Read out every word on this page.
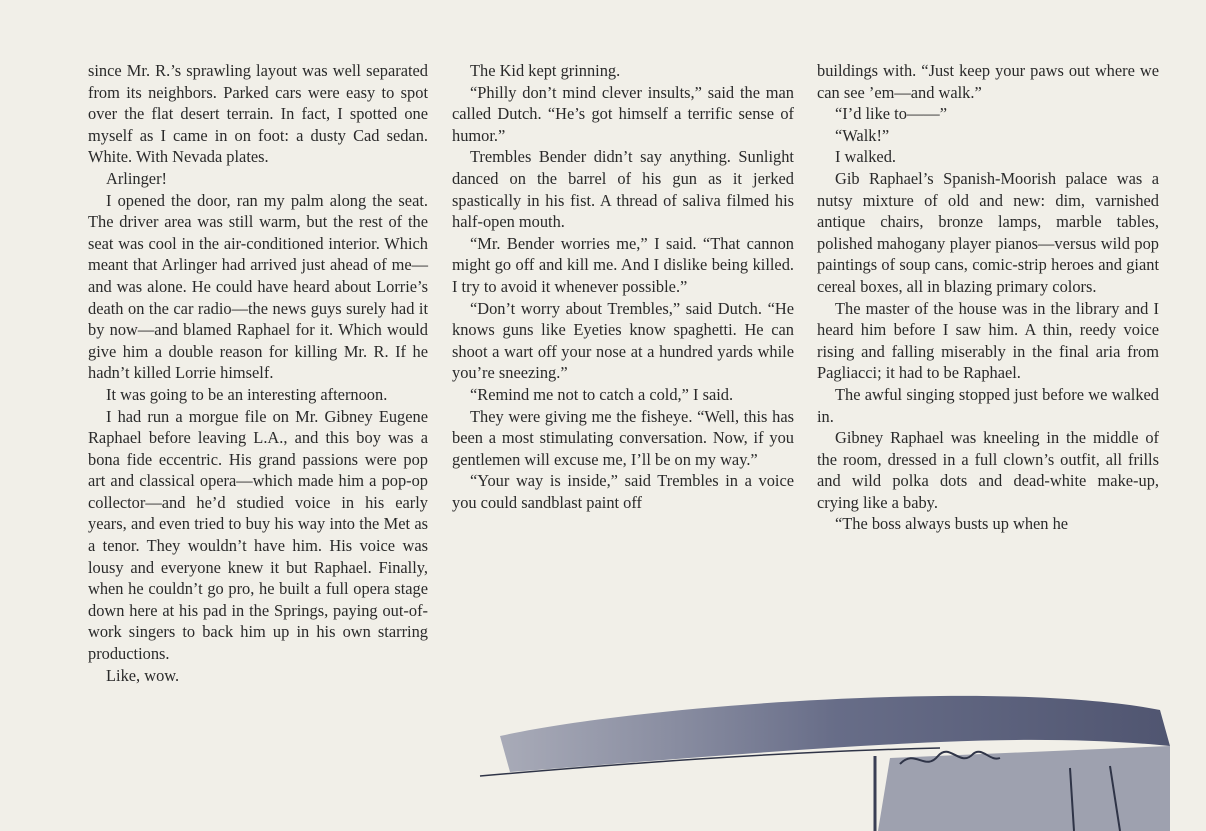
since Mr. R.’s sprawling layout was well separated from its neighbors. Parked cars were easy to spot over the flat desert terrain. In fact, I spotted one myself as I came in on foot: a dusty Cad sedan. White. With Nevada plates.

Arlinger!

I opened the door, ran my palm along the seat. The driver area was still warm, but the rest of the seat was cool in the air-conditioned interior. Which meant that Arlinger had arrived just ahead of me—and was alone. He could have heard about Lorrie’s death on the car radio—the news guys surely had it by now—and blamed Raphael for it. Which would give him a double reason for killing Mr. R. If he hadn’t killed Lorrie himself.

It was going to be an interesting afternoon.

I had run a morgue file on Mr. Gibney Eugene Raphael before leaving L.A., and this boy was a bona fide eccentric. His grand passions were pop art and classical opera—which made him a pop-op collector—and he’d studied voice in his early years, and even tried to buy his way into the Met as a tenor. They wouldn’t have him. His voice was lousy and everyone knew it but Raphael. Finally, when he couldn’t go pro, he built a full opera stage down here at his pad in the Springs, paying out-of-work singers to back him up in his own starring productions.

Like, wow.

The Kid kept grinning.

“Philly don’t mind clever insults,” said the man called Dutch. “He’s got himself a terrific sense of humor.”

Trembles Bender didn’t say anything. Sunlight danced on the barrel of his gun as it jerked spastically in his fist. A thread of saliva filmed his half-open mouth.

“Mr. Bender worries me,” I said. “That cannon might go off and kill me. And I dislike being killed. I try to avoid it whenever possible.”

“Don’t worry about Trembles,” said Dutch. “He knows guns like Eyeties know spaghetti. He can shoot a wart off your nose at a hundred yards while you’re sneezing.”

“Remind me not to catch a cold,” I said.

They were giving me the fisheye. “Well, this has been a most stimulating conversation. Now, if you gentlemen will excuse me, I’ll be on my way.”

“Your way is inside,” said Trembles in a voice you could sandblast paint off

buildings with. “Just keep your paws out where we can see ’em—and walk.”

“I’d like to——”

“Walk!”

I walked.

Gib Raphael’s Spanish-Moorish palace was a nutsy mixture of old and new: dim, varnished antique chairs, bronze lamps, marble tables, polished mahogany player pianos—versus wild pop paintings of soup cans, comic-strip heroes and giant cereal boxes, all in blazing primary colors.

The master of the house was in the library and I heard him before I saw him. A thin, reedy voice rising and falling miserably in the final aria from Pagliacci; it had to be Raphael.

The awful singing stopped just before we walked in.

Gibney Raphael was kneeling in the middle of the room, dressed in a full clown’s outfit, all frills and wild polka dots and dead-white make-up, crying like a baby.

“The boss always busts up when he
